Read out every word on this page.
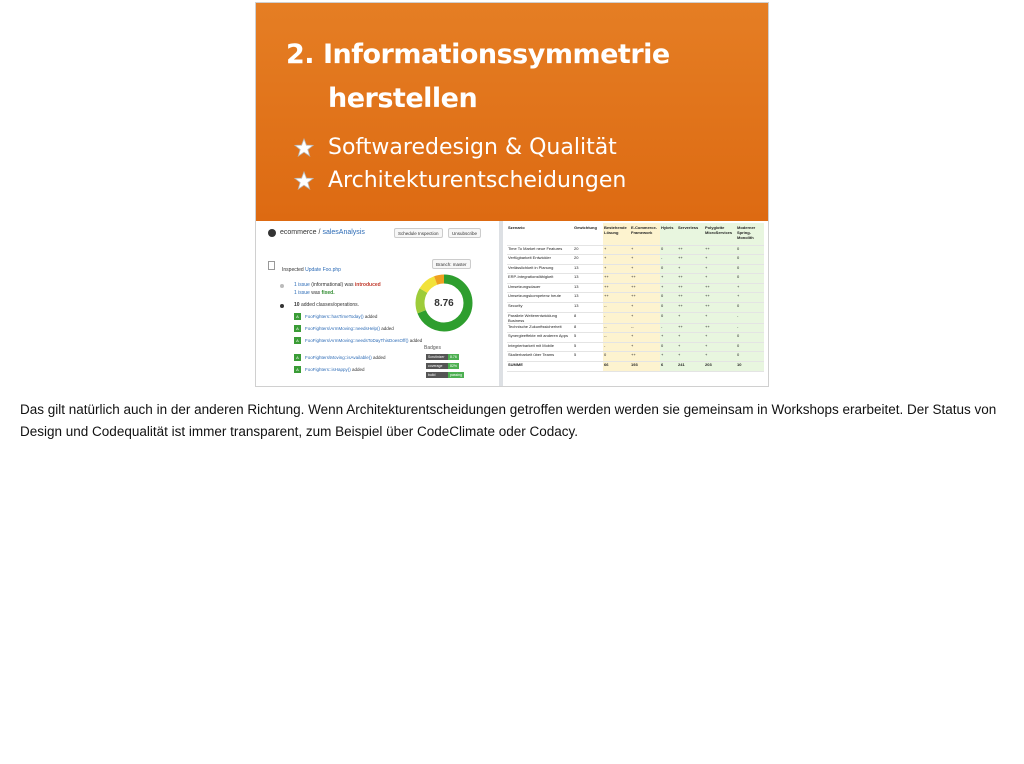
2. Informationssymmetrie
herstellen
Softwaredesign & Qualität
Architekturentscheidungen
ecommerce / salesAnalysis	Schedule Inspection	Unsubscribe
Branch: master
Inspected Update Foo.php
1 issue (informational) was introduced
1 issue was fixed.
10 added classes/operations.
A	FooFighters::hasTimeToday()
added
A	FooFighters\ArmMoving::needsHelp()
added
A	FooFighters\ArmMoving::needsToDayThisDoesOff()
added
A	FooFighters\Moving::isAvailable()
added
A	FooFighters::isHappy()
added
8.76
Badges
Scrutinizer	8.76
coverage	82%
build	passing
Szenario	Gewichtung	Bestehende Lösung	E-Commerce-Framework	Hybris	Serverless	Polyglotte MicroServices	Moderner Spring-Monolith
Time To Market neue Features	20	+	+	0	++	++	0
Verfügbarkeit Entwickler	20	+	+	-	++	+	0
Verlässlichkeit in Planung	13	+	+	0	+	+	0
ERP-Integrationsfähigkeit	13	++	++	+	++	+	0
Umsetzungsdauer	13	++	++	+	++	++	+
Umsetzungskompetenz heute	13	++	++	0	++	++	+
Security	13	--	+	0	++	++	0
Parallele Weiterentwicklung Business	8	-	+	0	+	+	-
Technische Zukunftssicherheit	8	--	--	-	++	++	-
Synergieeffekte mit anderen Apps	5	--	+	+	+	+	0
Integrierbarkeit mit Mobile	5	-	+	0	+	+	0
Skalierbarkeit über Teams	5	0	++	+	+	+	0
SUMME		66	193	6	241	203	10

Das gilt natürlich auch in der anderen Richtung. Wenn Architekturentscheidungen getroffen werden werden sie gemeinsam in Workshops erarbeitet. Der Status von Design und Codequalität ist immer transparent, zum Beispiel über CodeClimate oder Codacy.
